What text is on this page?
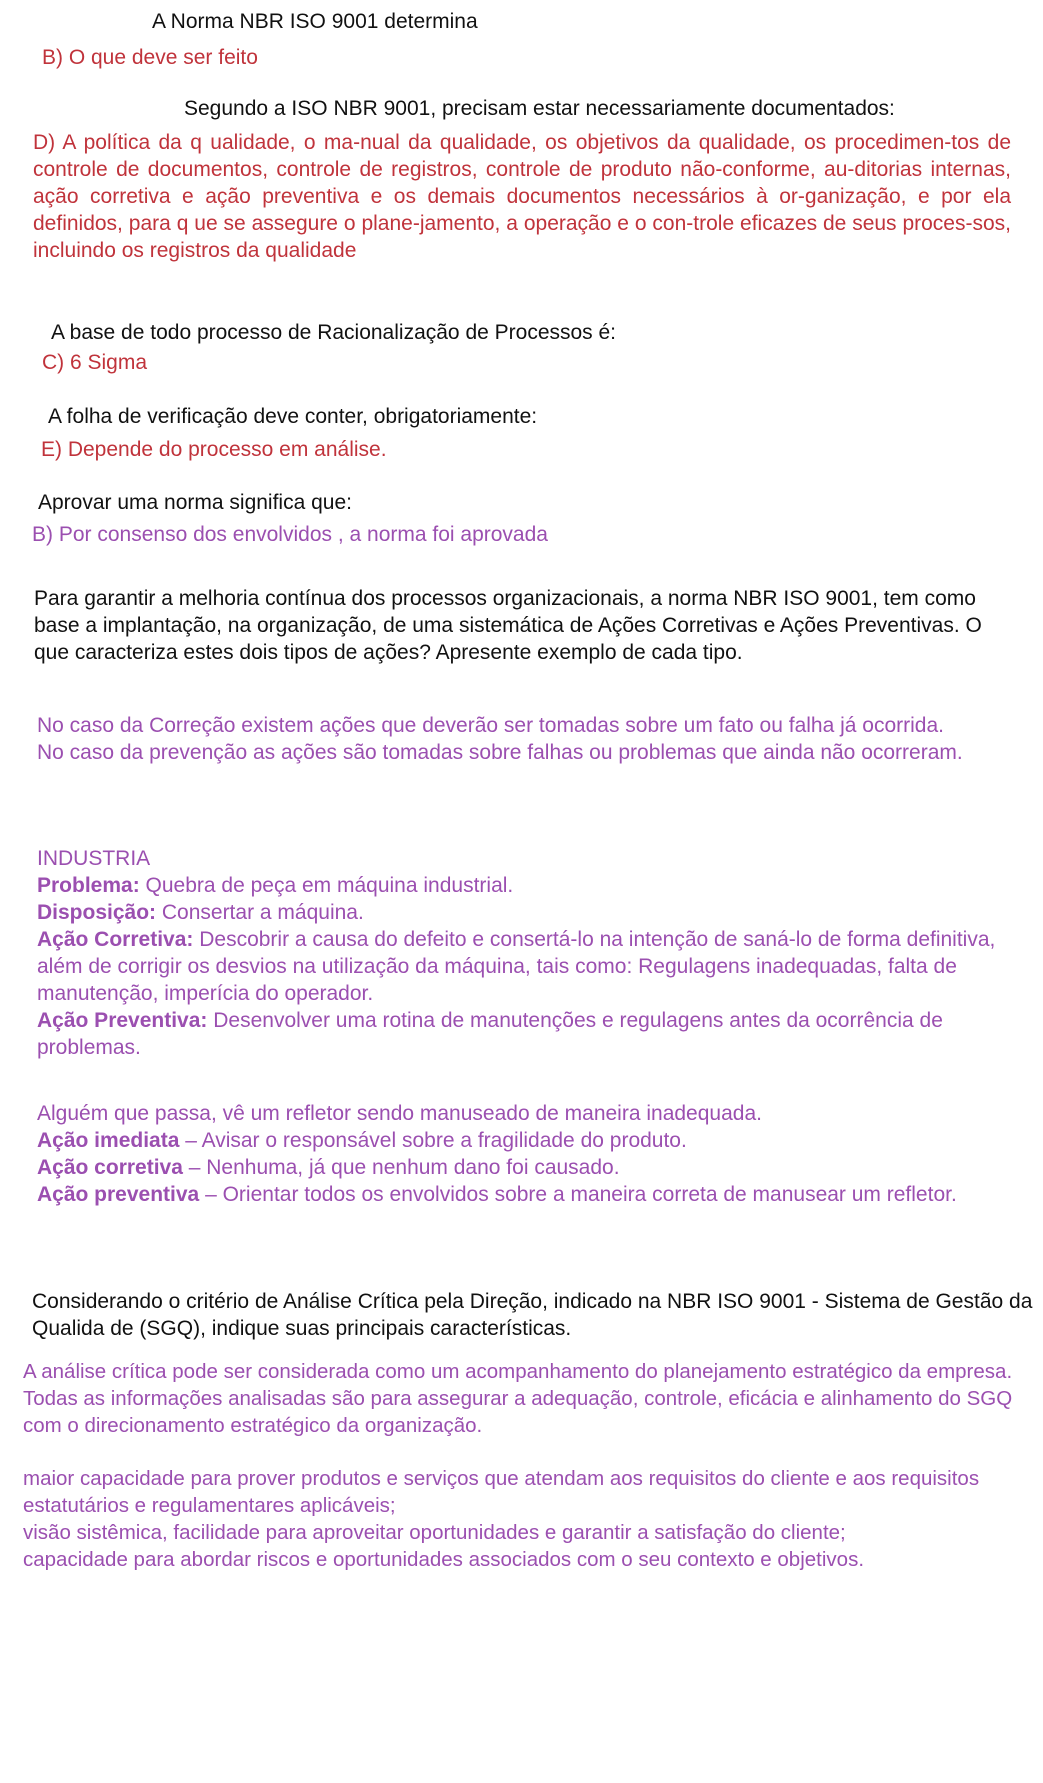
A Norma NBR ISO 9001 determina

B) O que deve ser feito

Segundo a ISO NBR 9001, precisam estar necessariamente documentados:

D) A política da q ualidade, o ma-nual da qualidade, os objetivos da qualidade, os procedimen-tos de controle de documentos, controle de registros, controle de produto não-conforme, au-ditorias internas, ação corretiva e ação preventiva e os demais documentos necessários à or-ganização, e por ela definidos, para q ue se assegure o plane-jamento, a operação e o con-trole eficazes de seus proces-sos, incluindo os registros da qualidade

A base de todo processo de Racionalização de Processos é:

C) 6 Sigma

A folha de verificação deve conter, obrigatoriamente:

E) Depende do processo em análise.

Aprovar uma norma significa que:

B) Por consenso dos envolvidos , a norma foi aprovada

Para garantir a melhoria contínua dos processos organizacionais, a norma NBR ISO 9001, tem como base a implantação, na organização, de uma sistemática de Ações Corretivas e Ações Preventivas. O que caracteriza estes dois tipos de ações? Apresente exemplo de cada tipo.

No caso da Correção existem ações que deverão ser tomadas sobre um fato ou falha já ocorrida.
No caso da prevenção as ações são tomadas sobre falhas ou problemas que ainda não ocorreram.
INDUSTRIA
Problema: Quebra de peça em máquina industrial.
Disposição: Consertar a máquina.
Ação Corretiva: Descobrir a causa do defeito e consertá-lo na intenção de saná-lo de forma definitiva, além de corrigir os desvios na utilização da máquina, tais como: Regulagens inadequadas, falta de manutenção, imperícia do operador.
Ação Preventiva: Desenvolver uma rotina de manutenções e regulagens antes da ocorrência de problemas.
Alguém que passa, vê um refletor sendo manuseado de maneira inadequada.
Ação imediata – Avisar o responsável sobre a fragilidade do produto.
Ação corretiva – Nenhuma, já que nenhum dano foi causado.
Ação preventiva – Orientar todos os envolvidos sobre a maneira correta de manusear um refletor.

Considerando o critério de Análise Crítica pela Direção, indicado na NBR ISO 9001 - Sistema de Gestão da Qualida de (SGQ), indique suas principais características.

A análise crítica pode ser considerada como um acompanhamento do planejamento estratégico da empresa. Todas as informações analisadas são para assegurar a adequação, controle, eficácia e alinhamento do SGQ com o direcionamento estratégico da organização.

maior capacidade para prover produtos e serviços que atendam aos requisitos do cliente e aos requisitos estatutários e regulamentares aplicáveis;
visão sistêmica, facilidade para aproveitar oportunidades e garantir a satisfação do cliente;
capacidade para abordar riscos e oportunidades associados com o seu contexto e objetivos.
